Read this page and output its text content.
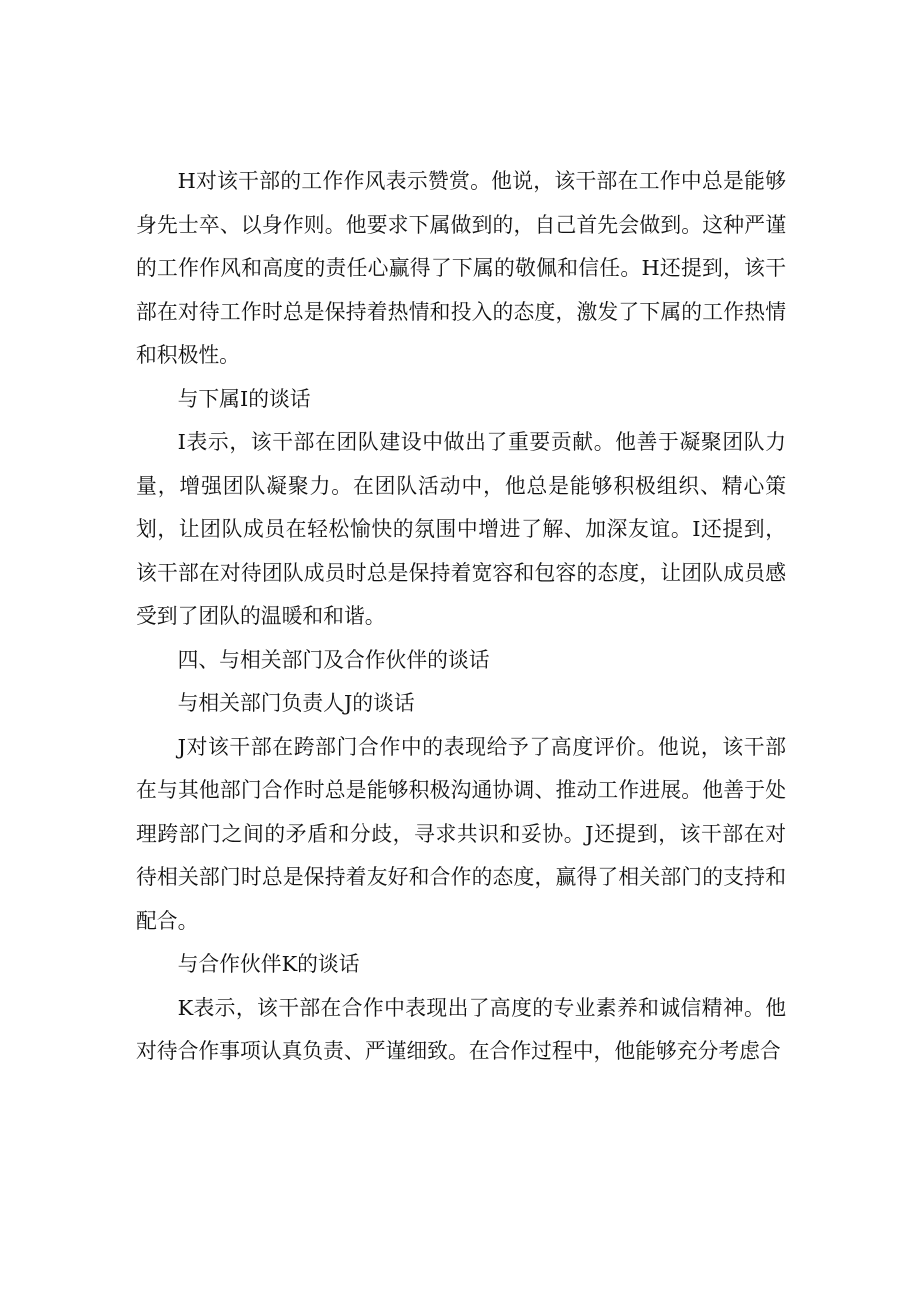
H对该干部的工作作风表示赞赏。他说，该干部在工作中总是能够身先士卒、以身作则。他要求下属做到的，自己首先会做到。这种严谨的工作作风和高度的责任心赢得了下属的敬佩和信任。H还提到，该干部在对待工作时总是保持着热情和投入的态度，激发了下属的工作热情和积极性。

与下属I的谈话

I表示，该干部在团队建设中做出了重要贡献。他善于凝聚团队力量，增强团队凝聚力。在团队活动中，他总是能够积极组织、精心策划，让团队成员在轻松愉快的氛围中增进了解、加深友谊。I还提到，该干部在对待团队成员时总是保持着宽容和包容的态度，让团队成员感受到了团队的温暖和和谐。

四、与相关部门及合作伙伴的谈话

与相关部门负责人J的谈话

J对该干部在跨部门合作中的表现给予了高度评价。他说，该干部在与其他部门合作时总是能够积极沟通协调、推动工作进展。他善于处理跨部门之间的矛盾和分歧，寻求共识和妥协。J还提到，该干部在对待相关部门时总是保持着友好和合作的态度，赢得了相关部门的支持和配合。

与合作伙伴K的谈话

K表示，该干部在合作中表现出了高度的专业素养和诚信精神。他对待合作事项认真负责、严谨细致。在合作过程中，他能够充分考虑合
